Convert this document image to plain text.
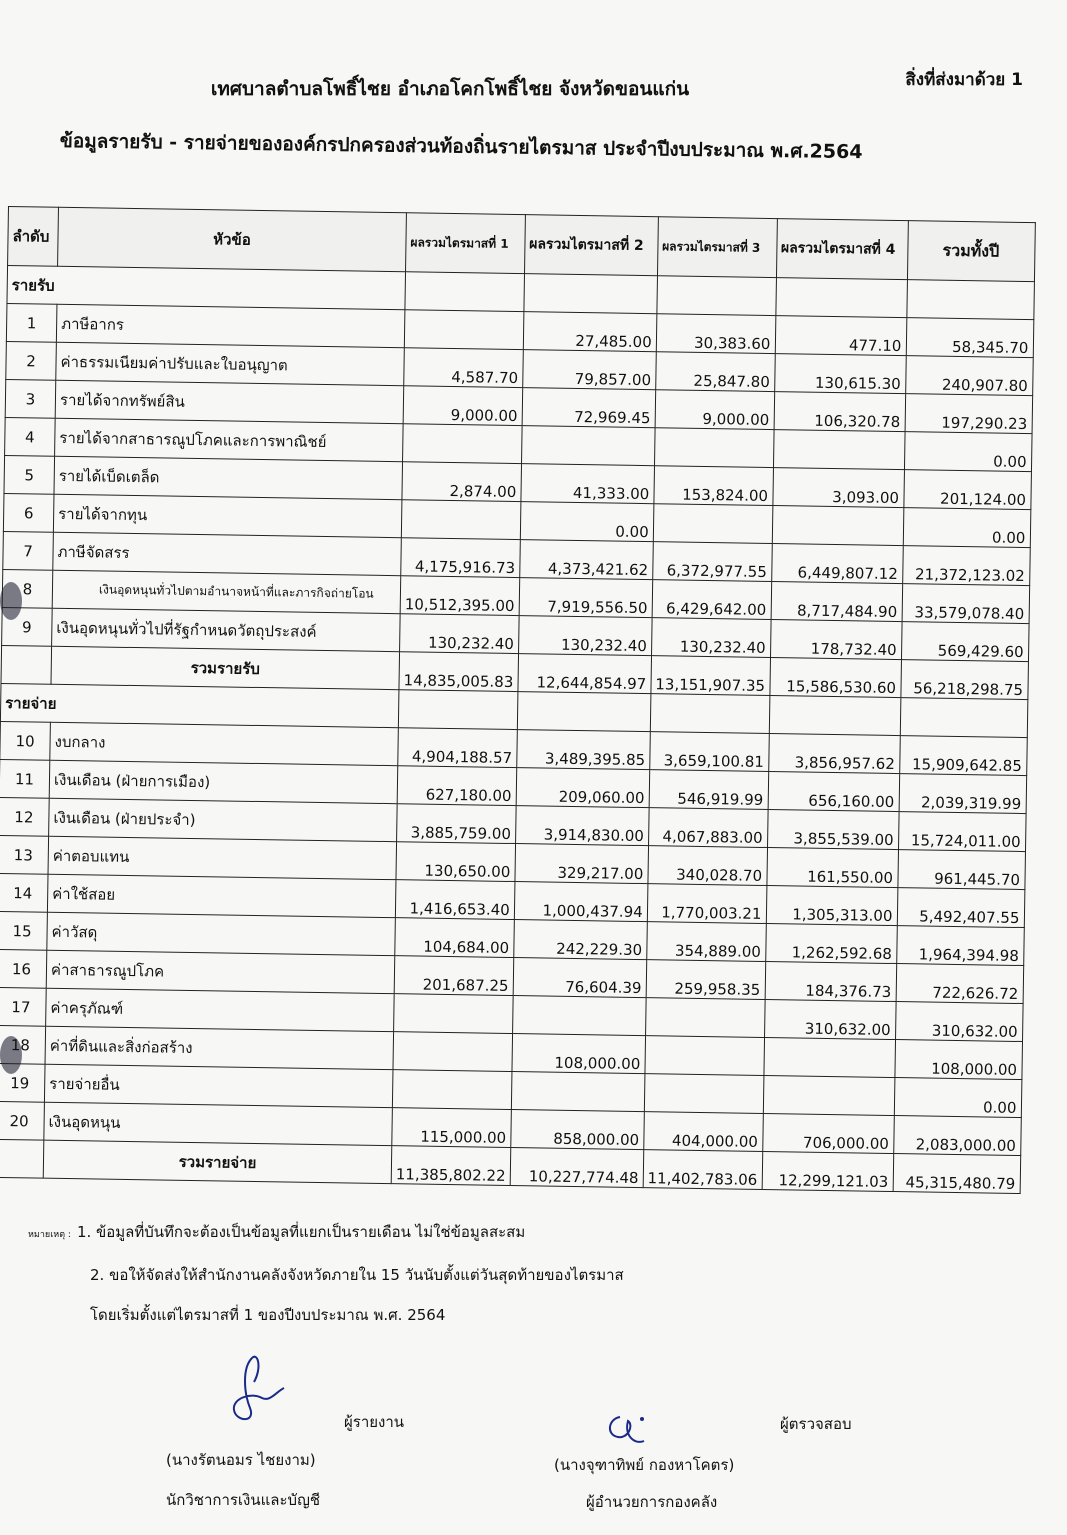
สิ่งที่ส่งมาด้วย 1
เทศบาลตำบลโพธิ์ไชย อำเภอโคกโพธิ์ไชย จังหวัดขอนแก่น
ข้อมูลรายรับ - รายจ่ายขององค์กรปกครองส่วนท้องถิ่นรายไตรมาส ประจำปีงบประมาณ พ.ศ.2564
ลำดับ	หัวข้อ	ผลรวมไตรมาสที่ 1	ผลรวมไตรมาสที่ 2	ผลรวมไตรมาสที่ 3	ผลรวมไตรมาสที่ 4	รวมทั้งปี
รายรับ						
1	ภาษีอากร		27,485.00	30,383.60	477.10	58,345.70
2	ค่าธรรมเนียมค่าปรับและใบอนุญาต	4,587.70	79,857.00	25,847.80	130,615.30	240,907.80
3	รายได้จากทรัพย์สิน	9,000.00	72,969.45	9,000.00	106,320.78	197,290.23
4	รายได้จากสาธารณูปโภคและการพาณิชย์					0.00
5	รายได้เบ็ดเตล็ด	2,874.00	41,333.00	153,824.00	3,093.00	201,124.00
6	รายได้จากทุน		0.00			0.00
7	ภาษีจัดสรร	4,175,916.73	4,373,421.62	6,372,977.55	6,449,807.12	21,372,123.02
8	เงินอุดหนุนทั่วไปตามอำนาจหน้าที่และภารกิจถ่ายโอน	10,512,395.00	7,919,556.50	6,429,642.00	8,717,484.90	33,579,078.40
9	เงินอุดหนุนทั่วไปที่รัฐกำหนดวัตถุประสงค์	130,232.40	130,232.40	130,232.40	178,732.40	569,429.60
	รวมรายรับ	14,835,005.83	12,644,854.97	13,151,907.35	15,586,530.60	56,218,298.75
รายจ่าย						
10	งบกลาง	4,904,188.57	3,489,395.85	3,659,100.81	3,856,957.62	15,909,642.85
11	เงินเดือน (ฝ่ายการเมือง)	627,180.00	209,060.00	546,919.99	656,160.00	2,039,319.99
12	เงินเดือน (ฝ่ายประจำ)	3,885,759.00	3,914,830.00	4,067,883.00	3,855,539.00	15,724,011.00
13	ค่าตอบแทน	130,650.00	329,217.00	340,028.70	161,550.00	961,445.70
14	ค่าใช้สอย	1,416,653.40	1,000,437.94	1,770,003.21	1,305,313.00	5,492,407.55
15	ค่าวัสดุ	104,684.00	242,229.30	354,889.00	1,262,592.68	1,964,394.98
16	ค่าสาธารณูปโภค	201,687.25	76,604.39	259,958.35	184,376.73	722,626.72
17	ค่าครุภัณฑ์				310,632.00	310,632.00
18	ค่าที่ดินและสิ่งก่อสร้าง		108,000.00			108,000.00
19	รายจ่ายอื่น					0.00
20	เงินอุดหนุน	115,000.00	858,000.00	404,000.00	706,000.00	2,083,000.00
	รวมรายจ่าย	11,385,802.22	10,227,774.48	11,402,783.06	12,299,121.03	45,315,480.79
หมายเหตุ : 1. ข้อมูลที่บันทึกจะต้องเป็นข้อมูลที่แยกเป็นรายเดือน ไม่ใช่ข้อมูลสะสม
2. ขอให้จัดส่งให้สำนักงานคลังจังหวัดภายใน 15 วันนับตั้งแต่วันสุดท้ายของไตรมาส
โดยเริ่มตั้งแต่ไตรมาสที่ 1 ของปีงบประมาณ พ.ศ. 2564
ผู้รายงาน
(นางรัตนอมร ไชยงาม)
นักวิชาการเงินและบัญชี
ผู้ตรวจสอบ
(นางจุฑาทิพย์ กองหาโคตร)
ผู้อำนวยการกองคลัง
